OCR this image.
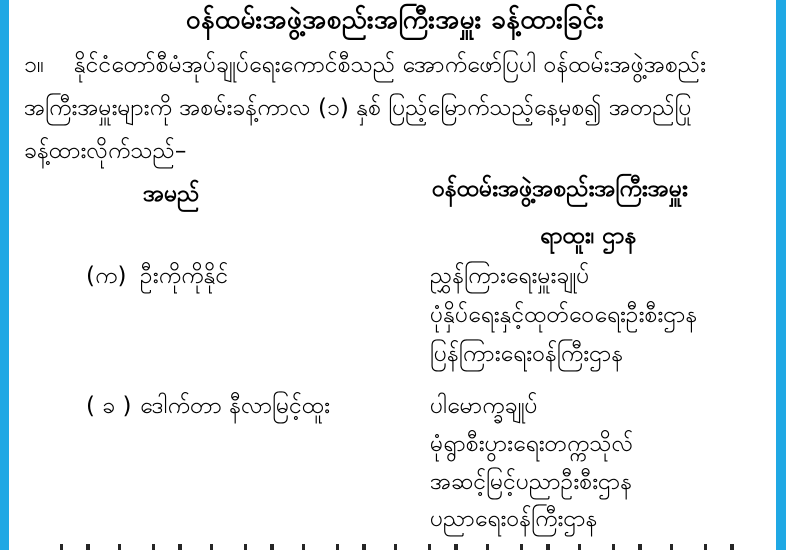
ဝန်ထမ်းအဖွဲ့အစည်းအကြီးအမှူး ခန့်ထားခြင်း
၁။ နိုင်ငံတော်စီမံအုပ်ချုပ်ရေးကောင်စီသည် အောက်ဖော်ပြပါ ဝန်ထမ်းအဖွဲ့အစည်း
အကြီးအမှူးများကို အစမ်းခန့်ကာလ (၁) နှစ် ပြည့်မြောက်သည့်နေ့မှစ၍ အတည်ပြု
ခန့်ထားလိုက်သည်–
အမည်	ဝန်ထမ်းအဖွဲ့အစည်းအကြီးအမှူး
ရာထူး၊ ဌာန
(က) ဦးကိုကိုနိုင်	ညွှန်ကြားရေးမှူးချုပ်
ပုံနှိပ်ရေးနှင့်ထုတ်ဝေရေးဦးစီးဌာန
ပြန်ကြားရေးဝန်ကြီးဌာန
( ခ ) ဒေါက်တာ နီလာမြင့်ထူး	ပါမောက္ခချုပ်
မုံရွာစီးပွားရေးတက္ကသိုလ်
အဆင့်မြင့်ပညာဦးစီးဌာန
ပညာရေးဝန်ကြီးဌာန
